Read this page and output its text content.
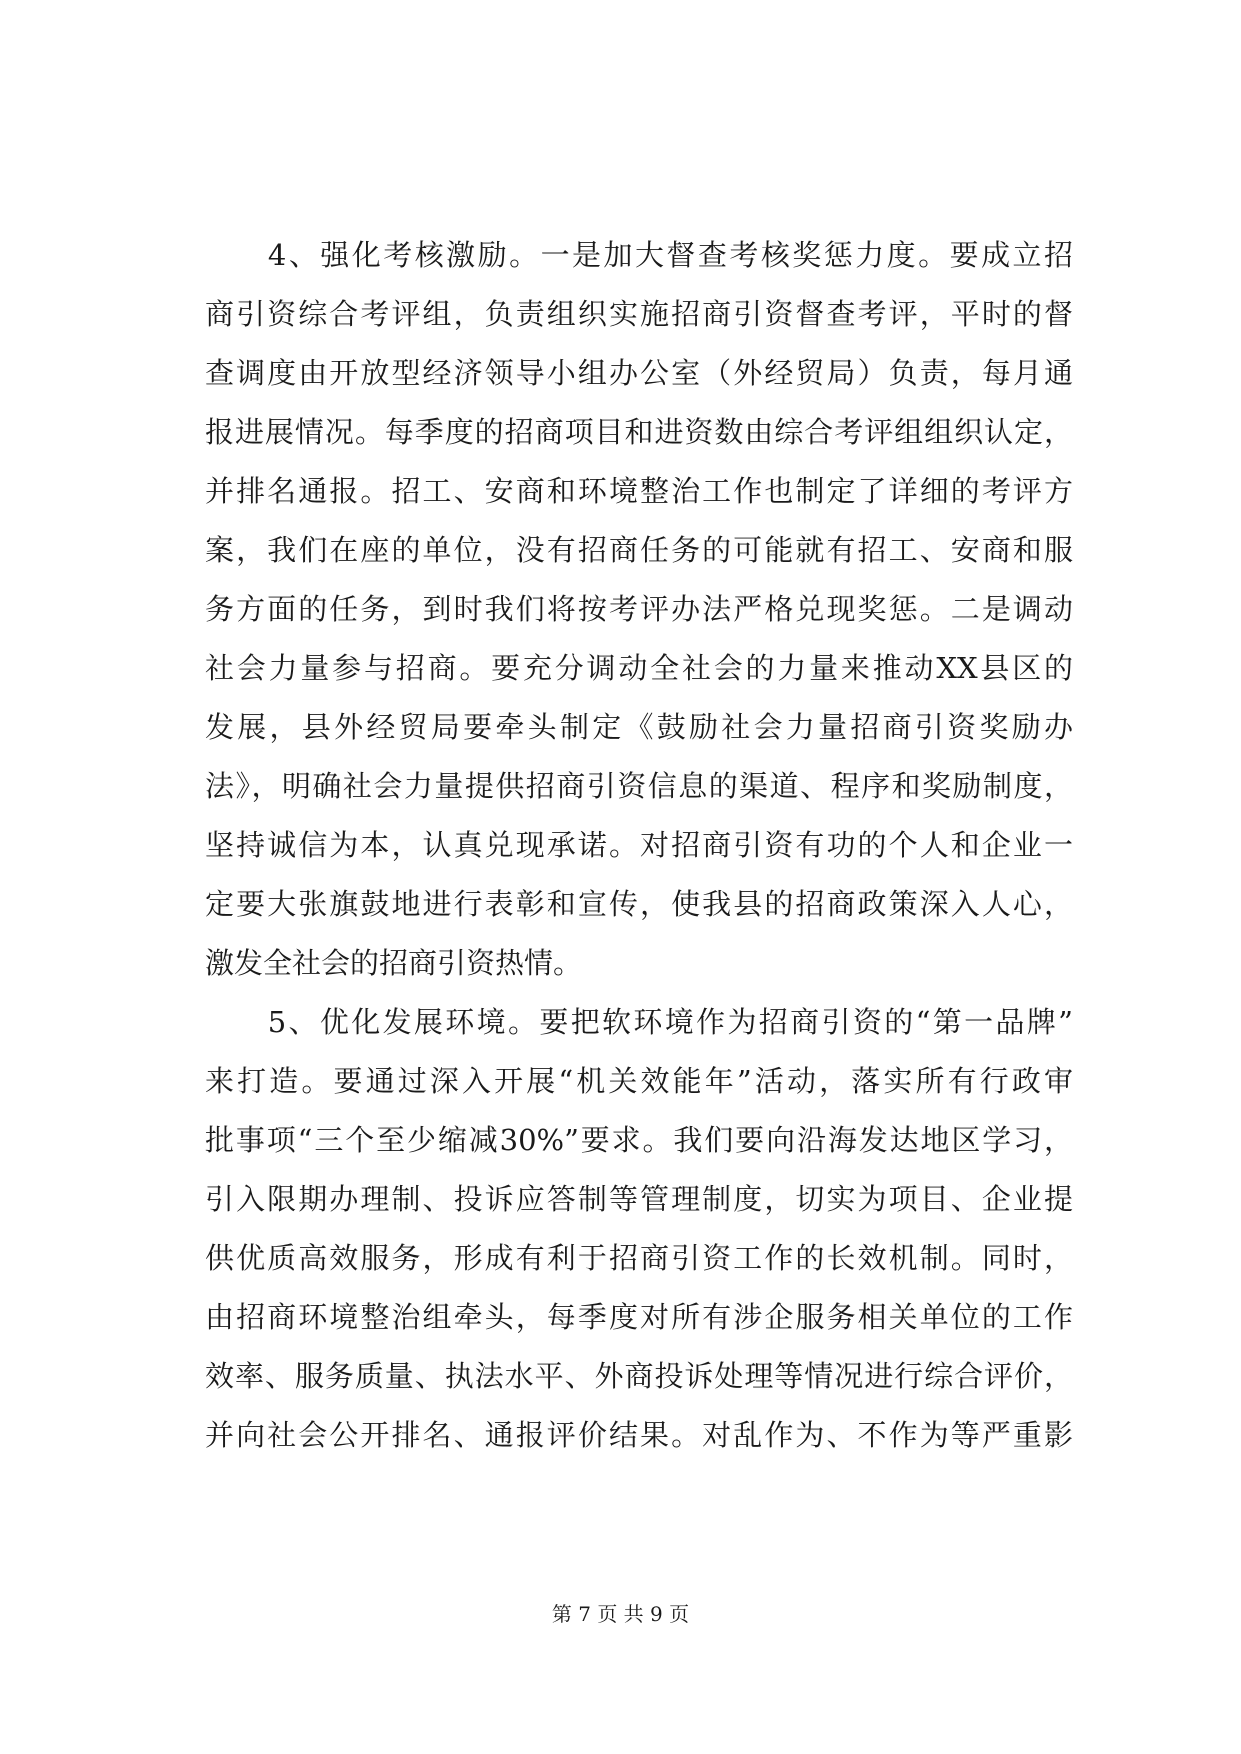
　　4、强化考核激励。一是加大督查考核奖惩力度。要成立招
商引资综合考评组，负责组织实施招商引资督查考评，平时的督
查调度由开放型经济领导小组办公室（外经贸局）负责，每月通
报进展情况。每季度的招商项目和进资数由综合考评组组织认定，
并排名通报。招工、安商和环境整治工作也制定了详细的考评方
案，我们在座的单位，没有招商任务的可能就有招工、安商和服
务方面的任务，到时我们将按考评办法严格兑现奖惩。二是调动
社会力量参与招商。要充分调动全社会的力量来推动XX县区的
发展，县外经贸局要牵头制定《鼓励社会力量招商引资奖励办
法》，明确社会力量提供招商引资信息的渠道、程序和奖励制度，
坚持诚信为本，认真兑现承诺。对招商引资有功的个人和企业一
定要大张旗鼓地进行表彰和宣传，使我县的招商政策深入人心，
激发全社会的招商引资热情。
　　5、优化发展环境。要把软环境作为招商引资的“第一品牌”
来打造。要通过深入开展“机关效能年”活动，落实所有行政审
批事项“三个至少缩减30%”要求。我们要向沿海发达地区学习，
引入限期办理制、投诉应答制等管理制度，切实为项目、企业提
供优质高效服务，形成有利于招商引资工作的长效机制。同时，
由招商环境整治组牵头，每季度对所有涉企服务相关单位的工作
效率、服务质量、执法水平、外商投诉处理等情况进行综合评价，
并向社会公开排名、通报评价结果。对乱作为、不作为等严重影
第 7 页 共 9 页
